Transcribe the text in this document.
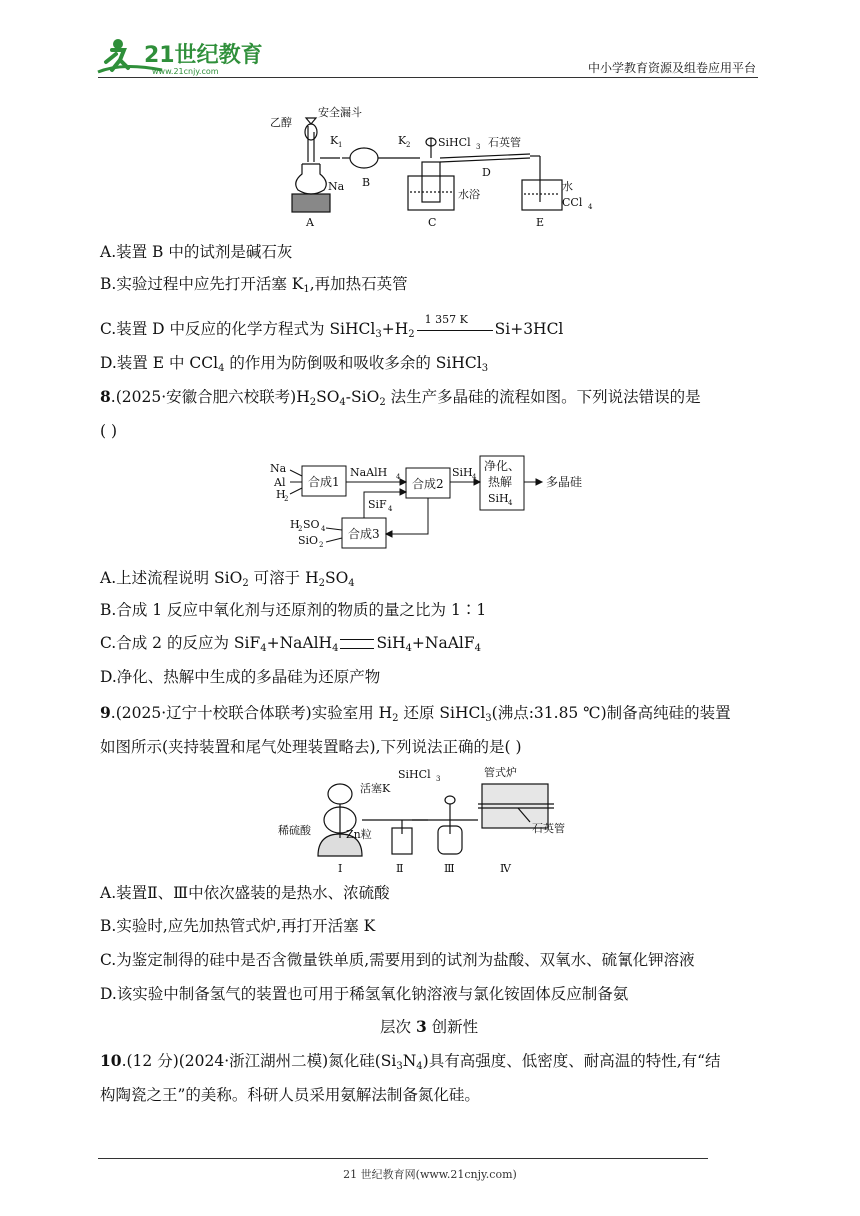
21世纪教育
www.21cnjy.com	中小学教育资源及组卷应用平台
乙醇
安全漏斗
K 1
Na
A
B
K 2	SiHCl 3 石英管
D
水浴
C
水
CCl 4
E
A.装置 B 中的试剂是碱石灰
B.实验过程中应先打开活塞 $K_1$,再加热石英管
C.装置 D 中反应的化学方程式为 $SiHCl_3+H_2$
1 357 K
Si+3HCl
D.装置 E 中 CCl$_4$ 的作用为防倒吸和吸收多余的 SiHCl$_3$
8.(2025·安徽合肥六校联考)$H_2SO_4-SiO_2$ 法生产多晶硅的流程如图。下列说法错误的是
( )
Na
Al
H
2
合成1
NaAlH 4 合成2
SiH 4
净化、
热解
SiH 4
多晶硅
SiF 4
H
2 SO 4
SiO 2
合成3
A.上述流程说明 SiO$_2$ 可溶于 $H_2SO_4$
B.合成 1 反应中氧化剂与还原剂的物质的量之比为 1∶1
C.合成 2 的反应为 SiF$_4$+NaAlH$_4$ SiH$_4$+NaAlF$_4$
D.净化、热解中生成的多晶硅为还原产物
9.(2025·辽宁十校联合体联考)实验室用 $H_2$ 还原 SiHCl$_3$(沸点:31.85 ℃)制备高纯硅的装置
如图所示(夹持装置和尾气处理装置略去),下列说法正确的是( )
SiHCl 3	管式炉
活塞K
稀硫酸	Zn粒	石英管
Ⅰ	Ⅱ	Ⅲ	Ⅳ
A.装置Ⅱ、Ⅲ中依次盛装的是热水、浓硫酸
B.实验时,应先加热管式炉,再打开活塞 K
C.为鉴定制得的硅中是否含微量铁单质,需要用到的试剂为盐酸、双氧水、硫氰化钾溶液
D.该实验中制备氢气的装置也可用于稀氢氧化钠溶液与氯化铵固体反应制备氨
层次 3 创新性
10.(12 分)(2024·浙江湖州二模)氮化硅$(Si_3N_4)$具有高强度、低密度、耐高温的特性,有“结
构陶瓷之王”的美称。科研人员采用氨解法制备氮化硅。
21 世纪教育网(www.21cnjy.com)
